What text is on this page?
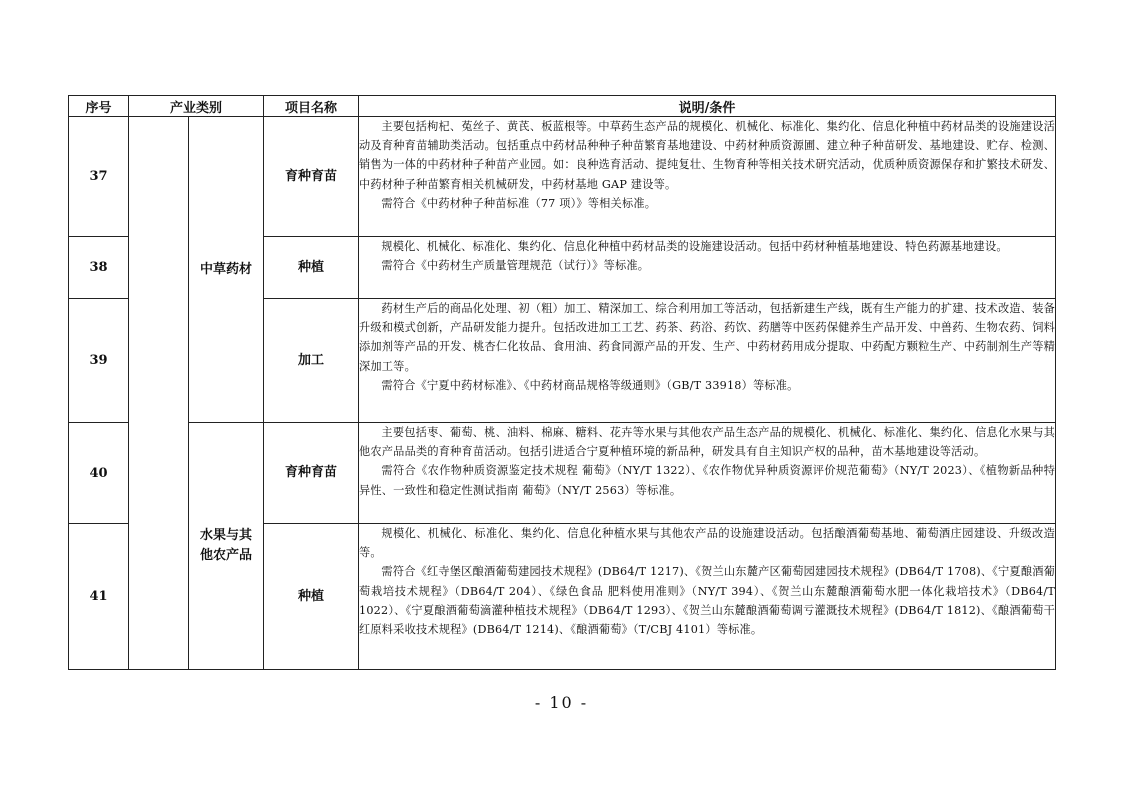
序号	产业类别		项目名称	说明/条件
37		中草药材	育种育苗	主要包括枸杞、菟丝子、黄芪、板蓝根等。中草药生态产品的规模化、机械化、标准化、集约化、信息化种植中药材品类的设施建设活动及育种育苗辅助类活动。包括重点中药材品种种子种苗繁育基地建设、中药材种质资源圃、建立种子种苗研发、基地建设、贮存、检测、销售为一体的中药材种子种苗产业园。如：良种选育活动、提纯复壮、生物育种等相关技术研究活动，优质种质资源保存和扩繁技术研发、中药材种子种苗繁育相关机械研发，中药材基地 GAP 建设等。

需符合《中药材种子种苗标准（77 项）》等相关标准。

38			种植	规模化、机械化、标准化、集约化、信息化种植中药材品类的设施建设活动。包括中药材种植基地建设、特色药源基地建设。

需符合《中药材生产质量管理规范（试行）》等标准。

39			加工	药材生产后的商品化处理、初（粗）加工、精深加工、综合利用加工等活动，包括新建生产线，既有生产能力的扩建、技术改造、装备升级和模式创新，产品研发能力提升。包括改进加工工艺、药茶、药浴、药饮、药膳等中医药保健养生产品开发、中兽药、生物农药、饲料添加剂等产品的开发、桃杏仁化妆品、食用油、药食同源产品的开发、生产、中药材药用成分提取、中药配方颗粒生产、中药制剂生产等精深加工等。

需符合《宁夏中药材标准》、《中药材商品规格等级通则》（GB/T 33918）等标准。

40		水果与其他农产品	育种育苗	主要包括枣、葡萄、桃、油料、棉麻、糖料、花卉等水果与其他农产品生态产品的规模化、机械化、标准化、集约化、信息化水果与其他农产品品类的育种育苗活动。包括引进适合宁夏种植环境的新品种，研发具有自主知识产权的品种，苗木基地建设等活动。

需符合《农作物种质资源鉴定技术规程 葡萄》（NY/T 1322）、《农作物优异种质资源评价规范葡萄》（NY/T 2023）、《植物新品种特异性、一致性和稳定性测试指南 葡萄》（NY/T 2563）等标准。

41			种植	规模化、机械化、标准化、集约化、信息化种植水果与其他农产品的设施建设活动。包括酿酒葡萄基地、葡萄酒庄园建设、升级改造等。

需符合《红寺堡区酿酒葡萄建园技术规程》(DB64/T 1217)、《贺兰山东麓产区葡萄园建园技术规程》(DB64/T 1708)、《宁夏酿酒葡萄栽培技术规程》（DB64/T 204）、《绿色食品 肥料使用准则》（NY/T 394）、《贺兰山东麓酿酒葡萄水肥一体化栽培技术》（DB64/T 1022）、《宁夏酿酒葡萄滴灌种植技术规程》（DB64/T 1293）、《贺兰山东麓酿酒葡萄调亏灌溉技术规程》(DB64/T 1812)、《酿酒葡萄干红原料采收技术规程》(DB64/T 1214)、《酿酒葡萄》（T/CBJ 4101）等标准。

- 10 -
